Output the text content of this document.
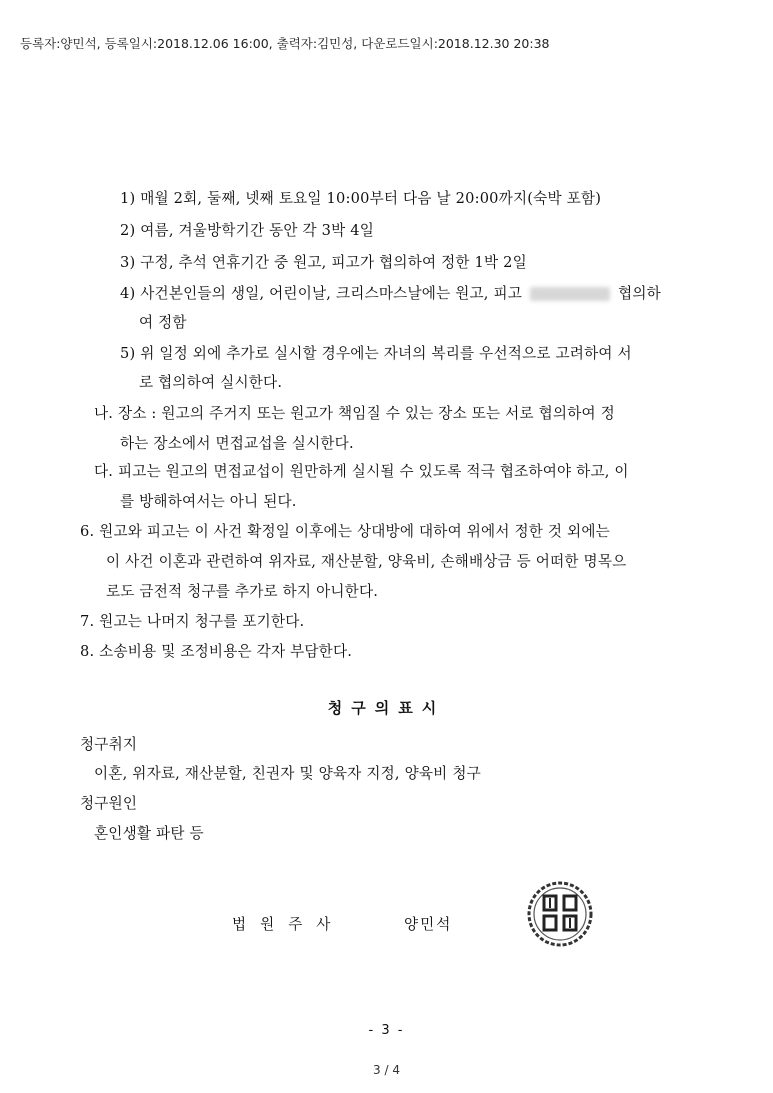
등록자:양민석, 등록일시:2018.12.06 16:00, 출력자:김민성, 다운로드일시:2018.12.30 20:38
1) 매월 2회, 둘째, 넷째 토요일 10:00부터 다음 날 20:00까지(숙박 포함)
2) 여름, 겨울방학기간 동안 각 3박 4일
3) 구정, 추석 연휴기간 중 원고, 피고가 협의하여 정한 1박 2일
4) 사건본인들의 생일, 어린이날, 크리스마스날에는 원고, 피고	협의하
여 정함
5) 위 일정 외에 추가로 실시할 경우에는 자녀의 복리를 우선적으로 고려하여 서
로 협의하여 실시한다.
나. 장소 : 원고의 주거지 또는 원고가 책임질 수 있는 장소 또는 서로 협의하여 정
하는 장소에서 면접교섭을 실시한다.
다. 피고는 원고의 면접교섭이 원만하게 실시될 수 있도록 적극 협조하여야 하고, 이
를 방해하여서는 아니 된다.
6. 원고와 피고는 이 사건 확정일 이후에는 상대방에 대하여 위에서 정한 것 외에는
이 사건 이혼과 관련하여 위자료, 재산분할, 양육비, 손해배상금 등 어떠한 명목으
로도 금전적 청구를 추가로 하지 아니한다.
7. 원고는 나머지 청구를 포기한다.
8. 소송비용 및 조정비용은 각자 부담한다.
청구의표시
청구취지
이혼, 위자료, 재산분할, 친권자 및 양육자 지정, 양육비 청구
청구원인
혼인생활 파탄 등
법원주사	양민석
- 3 -
3 / 4
